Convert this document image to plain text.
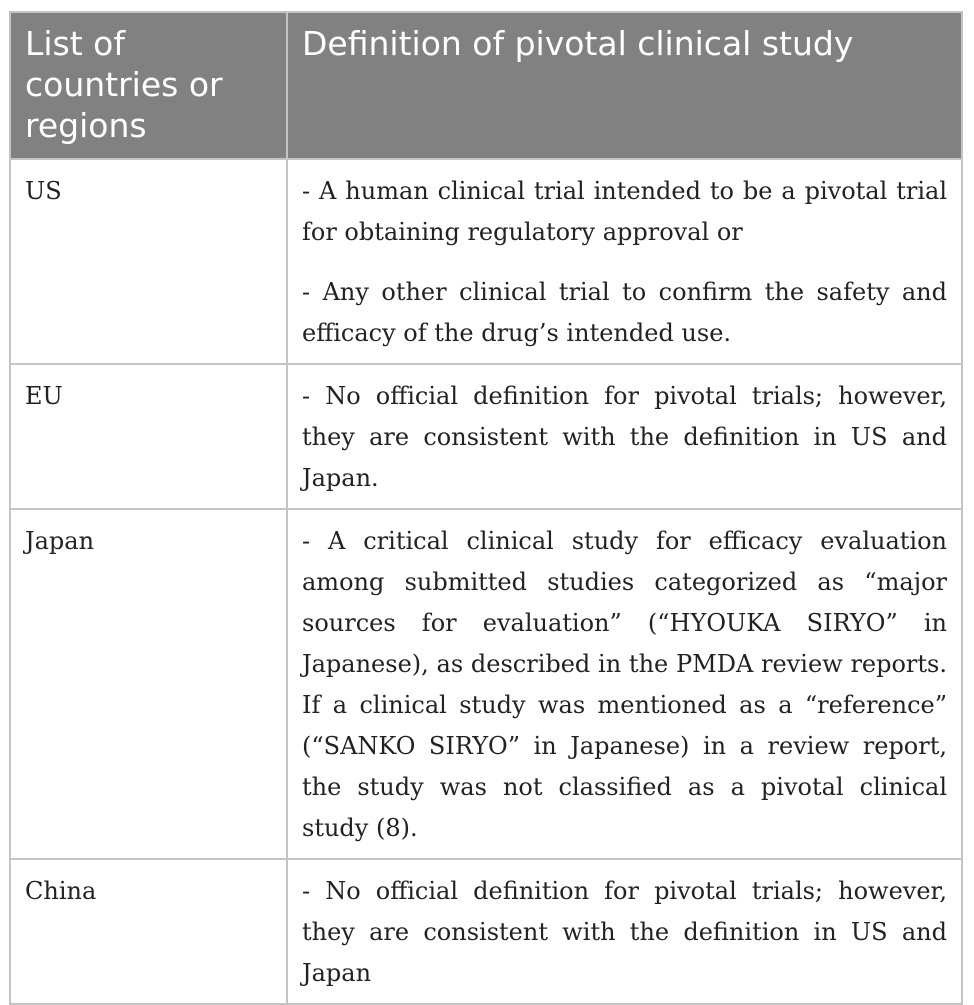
List of countries or regions	Definition of pivotal clinical study
US	- A human clinical trial intended to be a pivotal trial for obtaining regulatory approval or

- Any other clinical trial to confirm the safety and efficacy of the drug’s intended use.

EU	- No official definition for pivotal trials; however, they are consistent with the definition in US and Japan.

Japan	- A critical clinical study for efficacy evaluation among submitted studies categorized as “major sources for evaluation” (“HYOUKA SIRYO” in Japanese), as described in the PMDA review reports. If a clinical study was mentioned as a “reference” (“SANKO SIRYO” in Japanese) in a review report, the study was not classified as a pivotal clinical study (8).

China	- No official definition for pivotal trials; however, they are consistent with the definition in US and Japan
